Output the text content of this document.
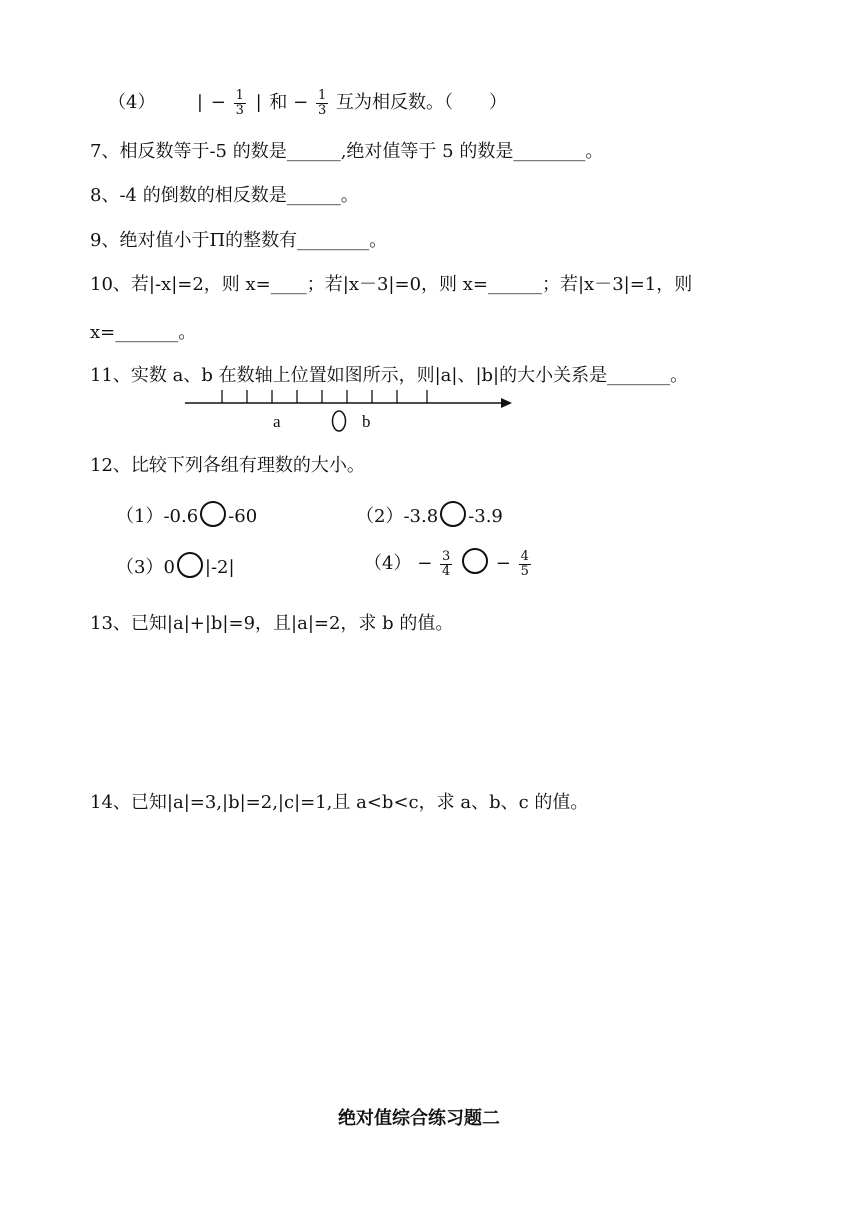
（4） | − $\frac{1}{3}$ | 和 − $\frac{1}{3}$ 互为相反数。（　　）
7、相反数等于-5 的数是______,绝对值等于 5 的数是________。
8、-4 的倒数的相反数是______。
9、绝对值小于Π的整数有________。
10、若|-x|=2，则 x=____；若|x－3|=0，则 x=______；若|x－3|=1，则
x=_______。
11、实数 a、b 在数轴上位置如图所示，则|a|、|b|的大小关系是_______。
a	b
12、比较下列各组有理数的大小。
（1）-0.6 -60	（2）-3.8 -3.9
（3）0 |-2|	$(4) - \frac{3}{4} - \frac{4}{5}$
13、已知|a|+|b|=9，且|a|=2，求 b 的值。
14、已知|a|=3,|b|=2,|c|=1,且 a<b<c，求 a、b、c 的值。
绝对值综合练习题二
